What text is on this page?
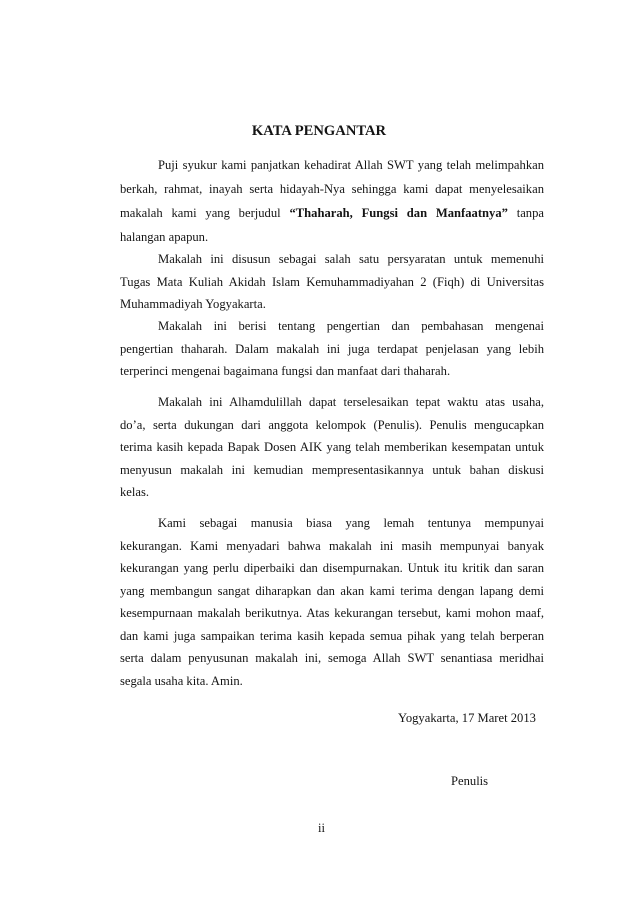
KATA PENGANTAR
Puji syukur kami panjatkan kehadirat Allah SWT yang telah melimpahkan
berkah, rahmat, inayah serta hidayah-Nya sehingga kami dapat menyelesaikan
makalah kami yang berjudul “Thaharah, Fungsi dan Manfaatnya” tanpa
halangan apapun.
Makalah ini disusun sebagai salah satu persyaratan untuk memenuhi
Tugas Mata Kuliah Akidah Islam Kemuhammadiyahan 2 (Fiqh) di Universitas
Muhammadiyah Yogyakarta.
Makalah ini berisi tentang pengertian dan pembahasan mengenai
pengertian thaharah. Dalam makalah ini juga terdapat penjelasan yang lebih
terperinci mengenai bagaimana fungsi dan manfaat dari thaharah.
Makalah ini Alhamdulillah dapat terselesaikan tepat waktu atas usaha,
do’a, serta dukungan dari anggota kelompok (Penulis). Penulis mengucapkan
terima kasih kepada Bapak Dosen AIK yang telah memberikan kesempatan untuk
menyusun makalah ini kemudian mempresentasikannya untuk bahan diskusi
kelas.
Kami sebagai manusia biasa yang lemah tentunya mempunyai
kekurangan. Kami menyadari bahwa makalah ini masih mempunyai banyak
kekurangan yang perlu diperbaiki dan disempurnakan. Untuk itu kritik dan saran
yang membangun sangat diharapkan dan akan kami terima dengan lapang demi
kesempurnaan makalah berikutnya. Atas kekurangan tersebut, kami mohon maaf,
dan kami juga sampaikan terima kasih kepada semua pihak yang telah berperan
serta dalam penyusunan makalah ini, semoga Allah SWT senantiasa meridhai
segala usaha kita. Amin.
Yogyakarta, 17 Maret 2013
Penulis
ii
